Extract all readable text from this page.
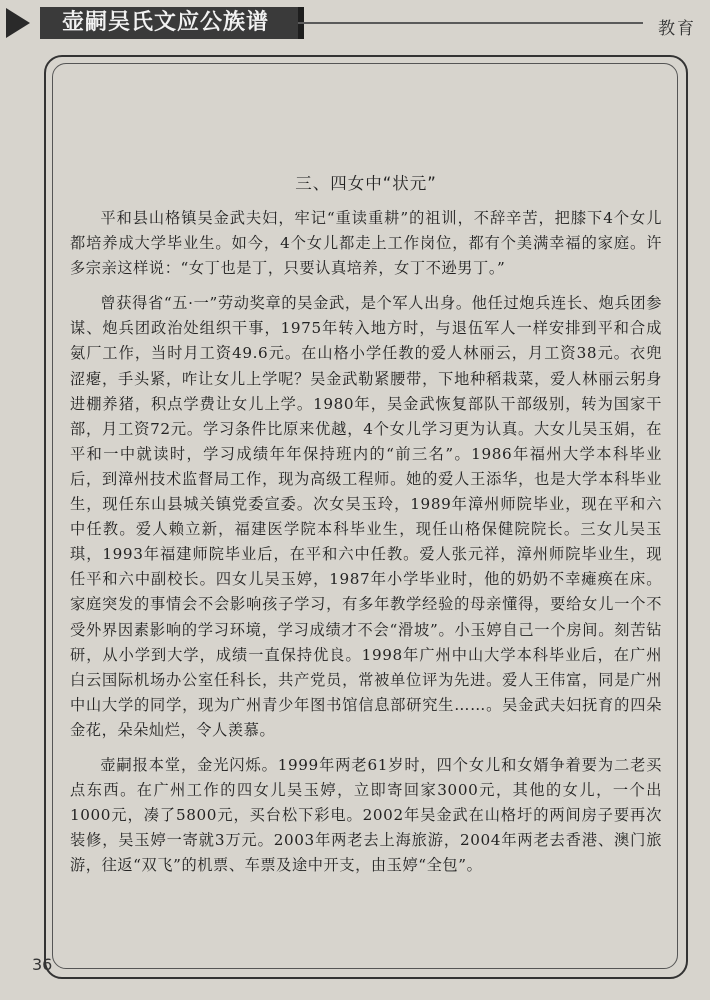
壶嗣吴氏文应公族谱	教育
三、四女中“状元”

平和县山格镇吴金武夫妇，牢记“重读重耕”的祖训，不辞辛苦，把膝下4个女儿都培养成大学毕业生。如今，4个女儿都走上工作岗位，都有个美满幸福的家庭。许多宗亲这样说：“女丁也是丁，只要认真培养，女丁不逊男丁。”

曾获得省“五·一”劳动奖章的吴金武，是个军人出身。他任过炮兵连长、炮兵团参谋、炮兵团政治处组织干事，1975年转入地方时，与退伍军人一样安排到平和合成氨厂工作，当时月工资49.6元。在山格小学任教的爱人林丽云，月工资38元。衣兜涩瘪，手头紧，咋让女儿上学呢？吴金武勒紧腰带，下地种稻栽菜，爱人林丽云躬身进棚养猪，积点学费让女儿上学。1980年，吴金武恢复部队干部级别，转为国家干部，月工资72元。学习条件比原来优越，4个女儿学习更为认真。大女儿吴玉娟，在平和一中就读时，学习成绩年年保持班内的“前三名”。1986年福州大学本科毕业后，到漳州技术监督局工作，现为高级工程师。她的爱人王添华，也是大学本科毕业生，现任东山县城关镇党委宣委。次女吴玉玲，1989年漳州师院毕业，现在平和六中任教。爱人赖立新，福建医学院本科毕业生，现任山格保健院院长。三女儿吴玉琪，1993年福建师院毕业后，在平和六中任教。爱人张元祥，漳州师院毕业生，现任平和六中副校长。四女儿吴玉婷，1987年小学毕业时，他的奶奶不幸瘫痪在床。家庭突发的事情会不会影响孩子学习，有多年教学经验的母亲懂得，要给女儿一个不受外界因素影响的学习环境，学习成绩才不会“滑坡”。小玉婷自己一个房间。刻苦钻研，从小学到大学，成绩一直保持优良。1998年广州中山大学本科毕业后，在广州白云国际机场办公室任科长，共产党员，常被单位评为先进。爱人王伟富，同是广州中山大学的同学，现为广州青少年图书馆信息部研究生……。吴金武夫妇抚育的四朵金花，朵朵灿烂，令人羡慕。

壶嗣报本堂，金光闪烁。1999年两老61岁时，四个女儿和女婿争着要为二老买点东西。在广州工作的四女儿吴玉婷，立即寄回家3000元，其他的女儿，一个出1000元，凑了5800元，买台松下彩电。2002年吴金武在山格圩的两间房子要再次装修，吴玉婷一寄就3万元。2003年两老去上海旅游，2004年两老去香港、澳门旅游，往返“双飞”的机票、车票及途中开支，由玉婷“全包”。

36
